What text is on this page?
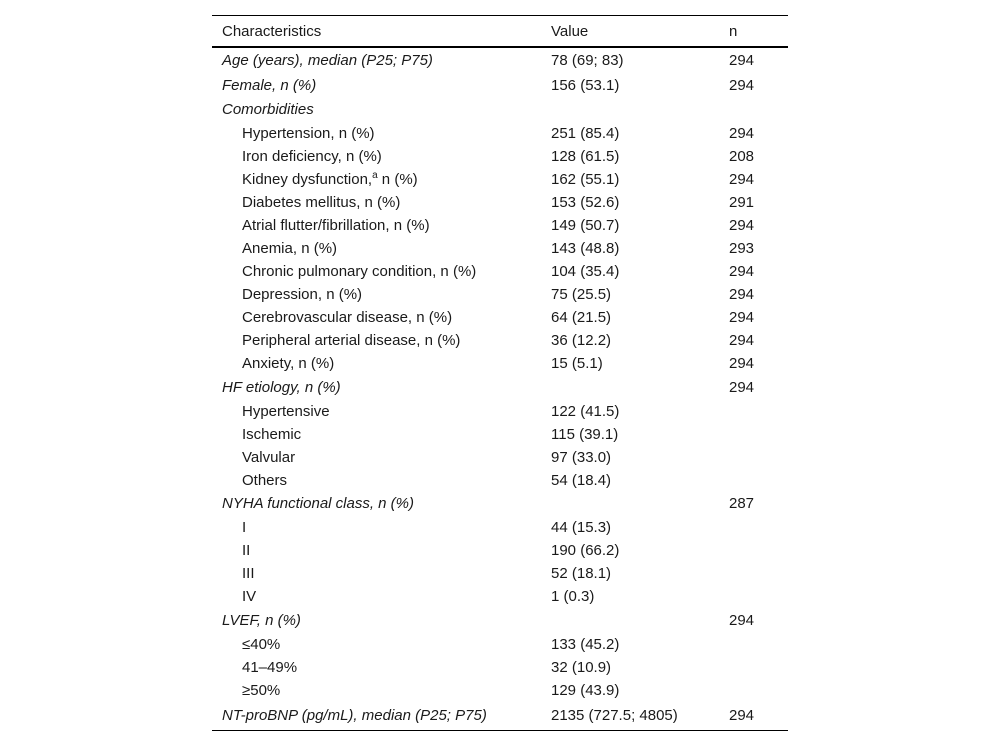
Characteristics	Value	n
Age (years), median (P25; P75)	78 (69; 83)	294
Female, n (%)	156 (53.1)	294
Comorbidities		
Hypertension, n (%)	251 (85.4)	294
Iron deficiency, n (%)	128 (61.5)	208
Kidney dysfunction,$^a$ n (%)	162 (55.1)	294
Diabetes mellitus, n (%)	153 (52.6)	291
Atrial flutter/fibrillation, n (%)	149 (50.7)	294
Anemia, n (%)	143 (48.8)	293
Chronic pulmonary condition, n (%)	104 (35.4)	294
Depression, n (%)	75 (25.5)	294
Cerebrovascular disease, n (%)	64 (21.5)	294
Peripheral arterial disease, n (%)	36 (12.2)	294
Anxiety, n (%)	15 (5.1)	294
HF etiology, n (%)		294
Hypertensive	122 (41.5)	
Ischemic	115 (39.1)	
Valvular	97 (33.0)	
Others	54 (18.4)	
NYHA functional class, n (%)		287
I	44 (15.3)	
II	190 (66.2)	
III	52 (18.1)	
IV	1 (0.3)	
LVEF, n (%)		294
≤40%	133 (45.2)	
41–49%	32 (10.9)	
≥50%	129 (43.9)	
NT-proBNP (pg/mL), median (P25; P75)	2135 (727.5; 4805)	294
